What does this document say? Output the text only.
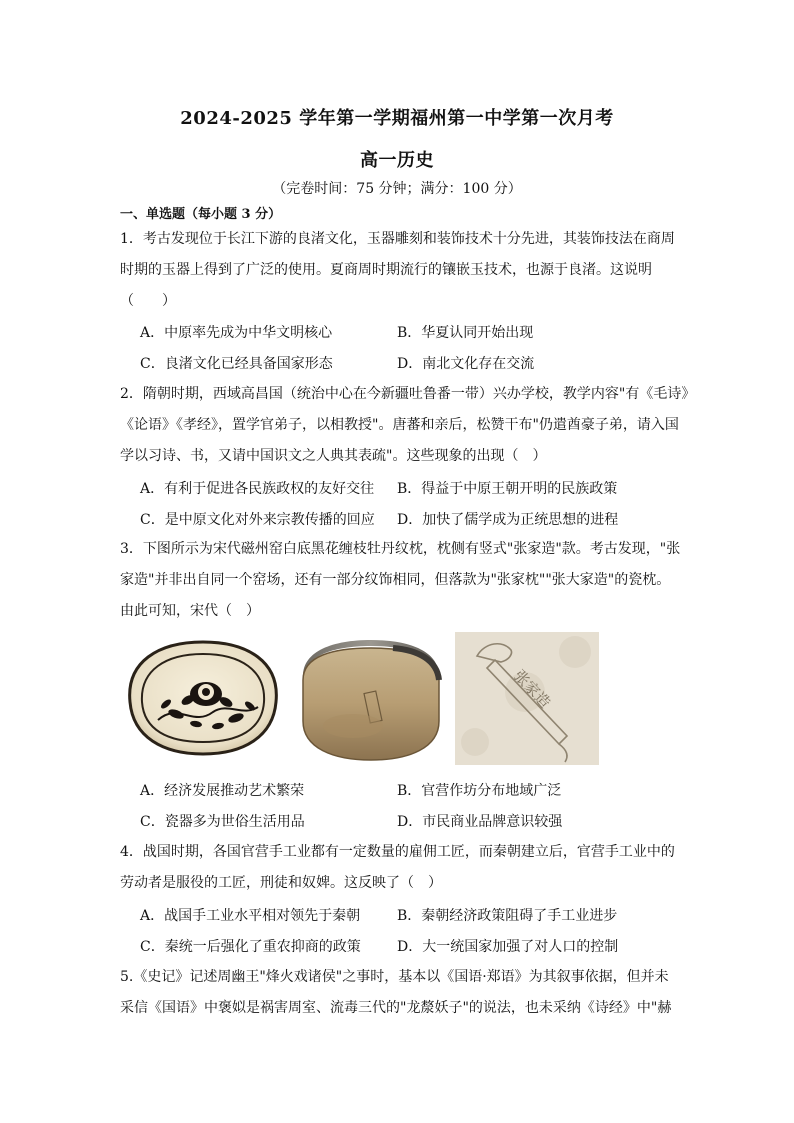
2024-2025 学年第一学期福州第一中学第一次月考
高一历史
（完卷时间：75 分钟；满分：100 分）
一、单选题（每小题 3 分）
1．考古发现位于长江下游的良渚文化，玉器雕刻和装饰技术十分先进，其装饰技法在商周
时期的玉器上得到了广泛的使用。夏商周时期流行的镶嵌玉技术，也源于良渚。这说明
（　　）
A．中原率先成为中华文明核心	B．华夏认同开始出现
C．良渚文化已经具备国家形态	D．南北文化存在交流
2．隋朝时期，西域高昌国（统治中心在今新疆吐鲁番一带）兴办学校，教学内容"有《毛诗》
《论语》《孝经》，置学官弟子，以相教授"。唐蕃和亲后，松赞干布"仍遣酋豪子弟，请入国
学以习诗、书，又请中国识文之人典其表疏"。这些现象的出现（　）
A．有利于促进各民族政权的友好交往 B．得益于中原王朝开明的民族政策
C．是中原文化对外来宗教传播的回应 D．加快了儒学成为正统思想的进程
3．下图所示为宋代磁州窑白底黑花缠枝牡丹纹枕，枕侧有竖式"张家造"款。考古发现，"张
家造"并非出自同一个窑场，还有一部分纹饰相同，但落款为"张家枕""张大家造"的瓷枕。
由此可知，宋代（　）
张家造
A．经济发展推动艺术繁荣	B．官营作坊分布地域广泛
C．瓷器多为世俗生活用品	D．市民商业品牌意识较强
4．战国时期，各国官营手工业都有一定数量的雇佣工匠，而秦朝建立后，官营手工业中的
劳动者是服役的工匠，刑徒和奴婢。这反映了（　）
A．战国手工业水平相对领先于秦朝	B．秦朝经济政策阻碍了手工业进步
C．秦统一后强化了重农抑商的政策	D．大一统国家加强了对人口的控制
5.《史记》记述周幽王"烽火戏诸侯"之事时，基本以《国语·郑语》为其叙事依据，但并未
采信《国语》中褒姒是祸害周室、流毒三代的"龙漦妖子"的说法，也未采纳《诗经》中"赫
